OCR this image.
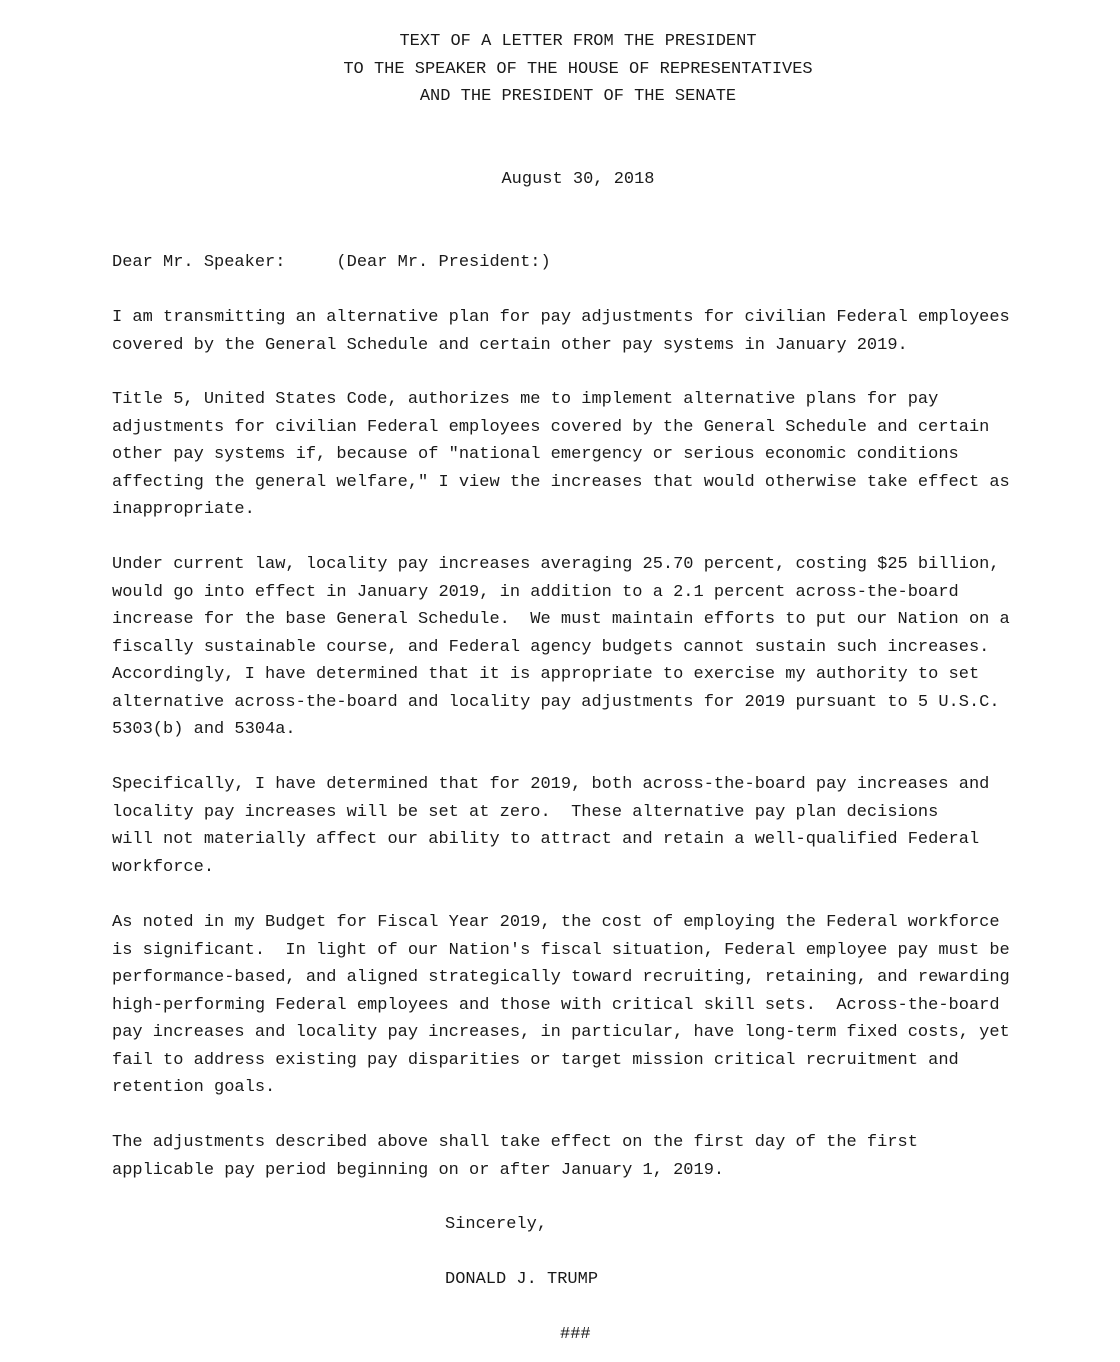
TEXT OF A LETTER FROM THE PRESIDENT
TO THE SPEAKER OF THE HOUSE OF REPRESENTATIVES
AND THE PRESIDENT OF THE SENATE
August 30, 2018
Dear Mr. Speaker:     (Dear Mr. President:)
I am transmitting an alternative plan for pay adjustments for civilian Federal employees
covered by the General Schedule and certain other pay systems in January 2019.
Title 5, United States Code, authorizes me to implement alternative plans for pay
adjustments for civilian Federal employees covered by the General Schedule and certain
other pay systems if, because of "national emergency or serious economic conditions
affecting the general welfare," I view the increases that would otherwise take effect as
inappropriate.
Under current law, locality pay increases averaging 25.70 percent, costing $25 billion,
would go into effect in January 2019, in addition to a 2.1 percent across-the-board
increase for the base General Schedule.  We must maintain efforts to put our Nation on a
fiscally sustainable course, and Federal agency budgets cannot sustain such increases.
Accordingly, I have determined that it is appropriate to exercise my authority to set
alternative across-the-board and locality pay adjustments for 2019 pursuant to 5 U.S.C.
5303(b) and 5304a.
Specifically, I have determined that for 2019, both across-the-board pay increases and
locality pay increases will be set at zero.  These alternative pay plan decisions
will not materially affect our ability to attract and retain a well-qualified Federal
workforce.
As noted in my Budget for Fiscal Year 2019, the cost of employing the Federal workforce
is significant.  In light of our Nation's fiscal situation, Federal employee pay must be
performance-based, and aligned strategically toward recruiting, retaining, and rewarding
high-performing Federal employees and those with critical skill sets.  Across-the-board
pay increases and locality pay increases, in particular, have long-term fixed costs, yet
fail to address existing pay disparities or target mission critical recruitment and
retention goals.
The adjustments described above shall take effect on the first day of the first
applicable pay period beginning on or after January 1, 2019.
Sincerely,
DONALD J. TRUMP
###
